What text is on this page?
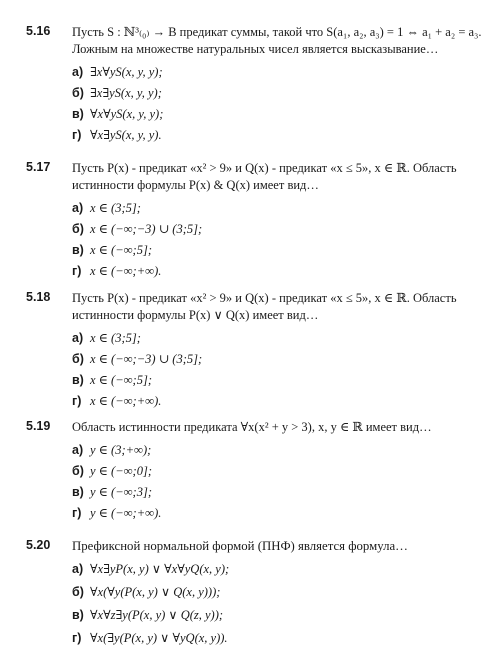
5.16 Пусть S : ℕ³₍₀₎ → B предикат суммы, такой что S(a₁, a₂, a₃) = 1 ⇔ a₁ + a₂ = a₃.
Ложным на множестве натуральных чисел является высказывание…
а) ∃x∀yS(x, y, y);
б) ∃x∃yS(x, y, y);
в) ∀x∀yS(x, y, y);
г) ∀x∃yS(x, y, y).
5.17 Пусть P(x) - предикат «x² > 9» и Q(x) - предикат «x ≤ 5», x ∈ ℝ. Область
истинности формулы P(x) & Q(x) имеет вид…
а) x ∈ (3;5];
б) x ∈ (−∞;−3) ∪ (3;5];
в) x ∈ (−∞;5];
г) x ∈ (−∞;+∞).
5.18 Пусть P(x) - предикат «x² > 9» и Q(x) - предикат «x ≤ 5», x ∈ ℝ. Область
истинности формулы P(x) ∨ Q(x) имеет вид…
а) x ∈ (3;5];
б) x ∈ (−∞;−3) ∪ (3;5];
в) x ∈ (−∞;5];
г) x ∈ (−∞;+∞).
5.19 Область истинности предиката ∀x(x² + y > 3), x, y ∈ ℝ имеет вид…
а) y ∈ (3;+∞);
б) y ∈ (−∞;0];
в) y ∈ (−∞;3];
г) y ∈ (−∞;+∞).
5.20 Префиксной нормальной формой (ПНФ) является формула…
а) ∀x∃yP(x, y) ∨ ∀x∀yQ(x, y);
б) ∀x(∀y(P(x, y) ∨ Q(x, y)));
в) ∀x∀z∃y(P(x, y) ∨ Q(z, y));
г) ∀x(∃y(P(x, y) ∨ ∀yQ(x, y)).
